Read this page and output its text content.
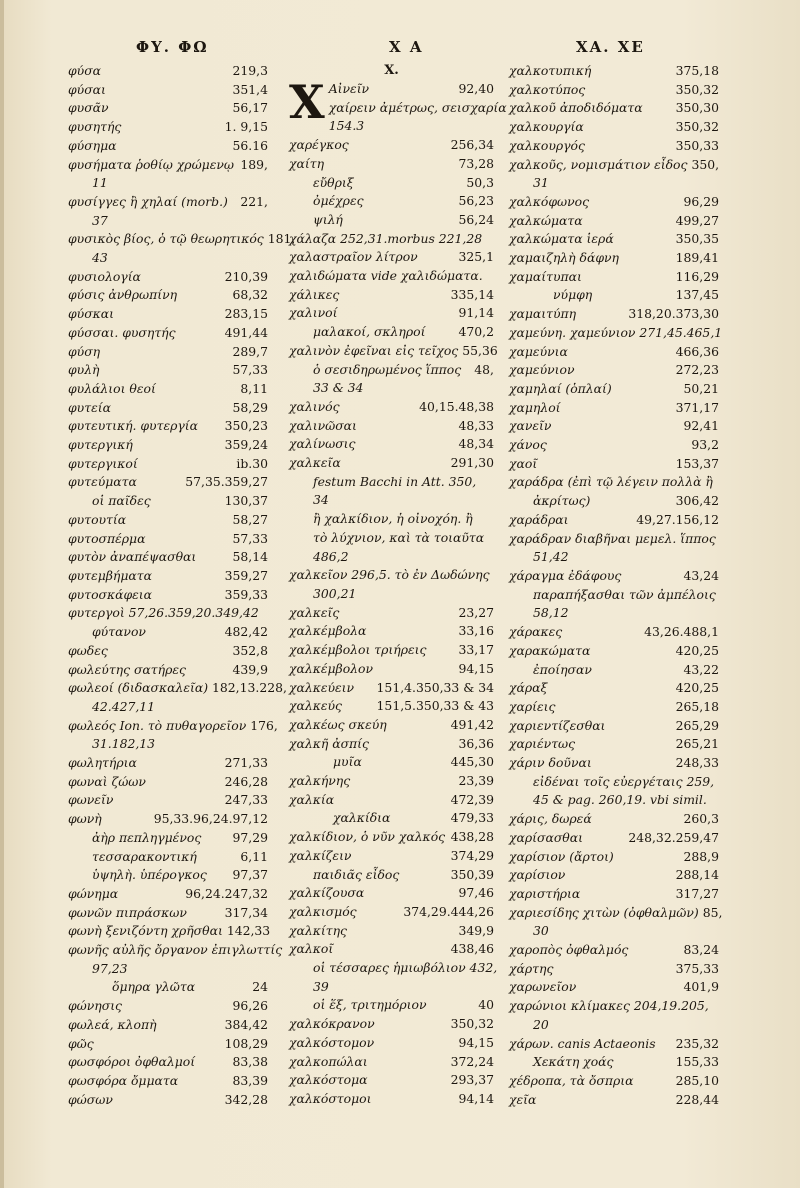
ΦΥ. ΦΩ	Χ Α	ΧΑ. ΧΕ
φύσα	219,3
φύσαι	351,4
φυσᾶν	56,17
φυσητής	1. 9,15
φύσημα	56.16
φυσήματα ῥοθίῳ χρώμενῳ 189,
11
φυσίγγες ἢ χηλαί (morb.) 221,
37
φυσικὸς βίος, ὁ τῷ θεωρητικός 181,
43
φυσιολογία	210,39
φύσις ἀνθρωπίνη	68,32
φύσκαι	283,15
φύσσαι. φυσητής	491,44
φύση	289,7
φυλὴ	57,33
φυλάλιοι θεοί	8,11
φυτεία	58,29
φυτευτική. φυτεργία 350,23
φυτεργική	359,24
φυτεργικοί	ib.30
φυτεύματα	57,35.359,27
οἱ παῖδες	130,37
φυτουτία	58,27
φυτοσπέρμα	57,33
φυτὸν ἀναπέψασθαι	58,14
φυτεμβήματα	359,27
φυτοσκάφεια	359,33
φυτεργοὶ 57,26.359,20.349,42
φύτανον	482,42
φωδες	352,8
φωλεύτης σατήρες	439,9
φωλεοί (διδασκαλεῖα) 182,13.228,
42.427,11
φωλεός Ion. τὸ πυθαγορεῖον 176,
31.182,13
φωλητήρια	271,33
φωναὶ ζώων	246,28
φωνεῖν	247,33
φωνὴ	95,33.96,24.97,12
ἀὴρ πεπληγμένος	97,29
τεσσαρακοντική	6,11
ὑψηλὴ. ὑπέρογκος 97,37
φώνημα	96,24.247,32
φωνῶν πιπράσκων	317,34
φωνὴ ξενιζόντη χρῆσθαι 142,33
φωνῆς αὐλῆς ὄργανον ἐπιγλωττίς
97,23
ὅμηρα γλῶτα	24
φώνησις	96,26
φωλεά, κλοπὴ	384,42
φῶς	108,29
φωσφόροι ὀφθαλμοί	83,38
φωσφόρα ὄμματα	83,39
φώσων	342,28
Χ.
X Αἰνεῖν	92,40
χαίρειν ἀμέτρως, σεισχαρία
154.3
χαρέγκος	256,34
χαίτη	73,28
εὔθριξ	50,3
ὀμέχρες	56,23
ψιλή	56,24
χάλαζα 252,31.morbus 221,28
χαλαστραῖον λίτρον	325,1
χαλιδώματα vide χαλιδώματα.
χάλικες	335,14
χαλινοί	91,14
μαλακοί, σκληροί	470,2
χαλινὸν ἐφεῖναι εἰς τεῖχος 55,36
ὁ σεσιδηρωμένος ἵππος 48,
33 & 34
χαλινός	40,15.48,38
χαλινῶσαι	48,33
χαλίνωσις	48,34
χαλκεῖα	291,30
festum Bacchi in Att. 350,
34
ἢ χαλκίδιον, ἡ οἰνοχόη. ἢ
τὸ λύχνιον, καὶ τὰ τοιαῦτα
486,2
χαλκεῖον 296,5. τὸ ἐν Δωδώνης
300,21
χαλκεῖς	23,27
χαλκέμβολα	33,16
χαλκέμβολοι τριήρεις	33,17
χαλκέμβολον	94,15
χαλκεύειν 151,4.350,33 & 34
χαλκεύς	151,5.350,33 & 43
χαλκέως σκεύη	491,42
χαλκῆ ἀσπίς	36,36
μυῖα	445,30
χαλκήνης	23,39
χαλκία	472,39
χαλκίδια	479,33
χαλκίδιον, ὁ νῦν χαλκός 438,28
χαλκίζειν	374,29
παιδιᾶς εἶδος	350,39
χαλκίζουσα	97,46
χαλκισμός	374,29.444,26
χαλκίτης	349,9
χαλκοῖ	438,46
οἱ τέσσαρες ἡμιωβόλιον 432,
39
οἱ ἕξ, τριτημόριον	40
χαλκόκρανον	350,32
χαλκόστομον	94,15
χαλκοπώλαι	372,24
χαλκόστομα	293,37
χαλκόστομοι	94,14
χαλκοτυπική	375,18
χαλκοτύπος	350,32
χαλκοῦ ἀποδιδόματα	350,30
χαλκουργία	350,32
χαλκουργός	350,33
χαλκοῦς, νομισμάτιον εἶδος 350,
31
χαλκόφωνος	96,29
χαλκώματα	499,27
χαλκώματα ἱερά	350,35
χαμαιζηλὴ δάφνη	189,41
χαμαίτυπαι	116,29
νύμφη	137,45
χαμαιτύπη	318,20.373,30
χαμεύνη. χαμεύνιον 271,45.465,1
χαμεύνια	466,36
χαμεύνιον	272,23
χαμηλαί (ὁπλαί)	50,21
χαμηλοί	371,17
χανεῖν	92,41
χάνος	93,2
χαοῖ	153,37
χαράδρα (ἐπὶ τῷ λέγειν πολλὰ ἢ
ἀκρίτως)	306,42
χαράδραι	49,27.156,12
χαράδραν διαβῆναι μεμελ. ἵππος
51,42
χάραγμα ἐδάφους	43,24
παραπήξασθαι τῶν ἀμπέλοις
58,12
χάρακες	43,26.488,1
χαρακώματα	420,25
ἐποίησαν	43,22
χάραξ	420,25
χαρίεις	265,18
χαριεντίζεσθαι	265,29
χαριέντως	265,21
χάριν δοῦναι	248,33
εἰδέναι τοῖς εὐεργέταις 259,
45 & pag. 260,19. vbi simil.
χάρις, δωρεά	260,3
χαρίσασθαι	248,32.259,47
χαρίσιον (ἄρτοι)	288,9
χαρίσιον	288,14
χαριστήρια	317,27
χαριεσίδης χιτὼν (ὀφθαλμῶν) 85,
30
χαροπὸς ὀφθαλμός	83,24
χάρτης	375,33
χαρωνεῖον	401,9
χαρώνιοι κλίμακες 204,19.205,
20
χάρων. canis Actaeonis 235,32
Χεκάτη χοάς	155,33
χέδροπα, τὰ ὄσπρια	285,10
χεῖα	228,44
